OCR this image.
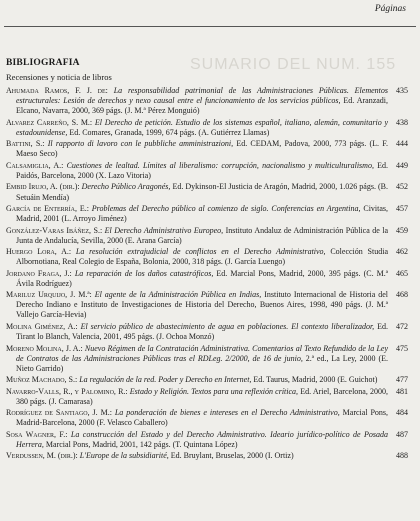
Páginas
SUMARIO DEL NUM. 155
BIBLIOGRAFIA
Recensiones y noticia de libros
Ahumada Ramos, F. J. de: La responsabilidad patrimonial de las Administraciones Públicas. Elementos estructurales: Lesión de derechos y nexo causal entre el funcionamiento de los servicios públicos, Ed. Aranzadi, Elcano, Navarra, 2000, 369 págs. (J. M.ª Pérez Monguió)
Alvarez Carreño, S. M.: El Derecho de petición. Estudio de los sistemas español, italiano, alemán, comunitario y estadounidense, Ed. Comares, Granada, 1999, 674 págs. (A. Gutiérrez Llamas)
Battini, S.: Il rapporto di lavoro con le pubbliche amministrazioni, Ed. CEDAM, Padova, 2000, 773 págs. (L. F. Maeso Seco)
Calsamiglia, A.: Cuestiones de lealtad. Límites al liberalismo: corrupción, nacionalismo y multiculturalismo, Ed. Paidós, Barcelona, 2000 (X. Lazo Vitoria)
Embid Irujo, A. (dir.): Derecho Público Aragonés, Ed. Dykinson-El Justicia de Aragón, Madrid, 2000, 1.026 págs. (B. Setuáin Mendía)
García de Enterría, E.: Problemas del Derecho público al comienzo de siglo. Conferencias en Argentina, Civitas, Madrid, 2001 (L. Arroyo Jiménez)
González-Varas Ibáñez, S.: El Derecho Administrativo Europeo, Instituto Andaluz de Administración Pública de la Junta de Andalucía, Sevilla, 2000 (E. Arana García)
Huergo Lora, A.: La resolución extrajudicial de conflictos en el Derecho Administrativo, Colección Studia Albornotiana, Real Colegio de España, Bolonia, 2000, 318 págs. (J. García Luengo)
Jordano Fraga, J.: La reparación de los daños catastróficos, Ed. Marcial Pons, Madrid, 2000, 395 págs. (C. M.ª Ávila Rodríguez)
Mariluz Urquijo, J. M.ª: El agente de la Administración Pública en Indias, Instituto Internacional de Historia del Derecho Indiano e Instituto de Investigaciones de Historia del Derecho, Buenos Aires, 1998, 490 págs. (J. M.ª Vallejo García-Hevia)
Molina Giménez, A.: El servicio público de abastecimiento de agua en poblaciones. El contexto liberalizador, Ed. Tirant lo Blanch, Valencia, 2001, 495 págs. (J. Ochoa Monzó)
Moreno Molina, J. A.: Nuevo Régimen de la Contratación Administrativa. Comentarios al Texto Refundido de la Ley de Contratos de las Administraciones Públicas tras el RDLeg. 2/2000, de 16 de junio, 2.ª ed., La Ley, 2000 (E. Nieto Garrido)
Muñoz Machado, S.: La regulación de la red. Poder y Derecho en Internet, Ed. Taurus, Madrid, 2000 (E. Guichot)
Navarro-Valls, R., y Palomino, R.: Estado y Religión. Textos para una reflexión crítica, Ed. Ariel, Barcelona, 2000, 380 págs. (J. Camarasa)
Rodríguez de Santiago, J. M.: La ponderación de bienes e intereses en el Derecho Administrativo, Marcial Pons, Madrid-Barcelona, 2000 (F. Velasco Caballero)
Sosa Wagner, F.: La construcción del Estado y del Derecho Administrativo. Ideario jurídico-político de Posada Herrera, Marcial Pons, Madrid, 2001, 142 págs. (T. Quintana López)
Verdussen, M. (dir.): L'Europe de la subsidiarité, Ed. Bruylant, Bruselas, 2000 (I. Ortiz)
435
438
444
449
452
457
459
462
465
468
472
475
477
481
484
487
488
